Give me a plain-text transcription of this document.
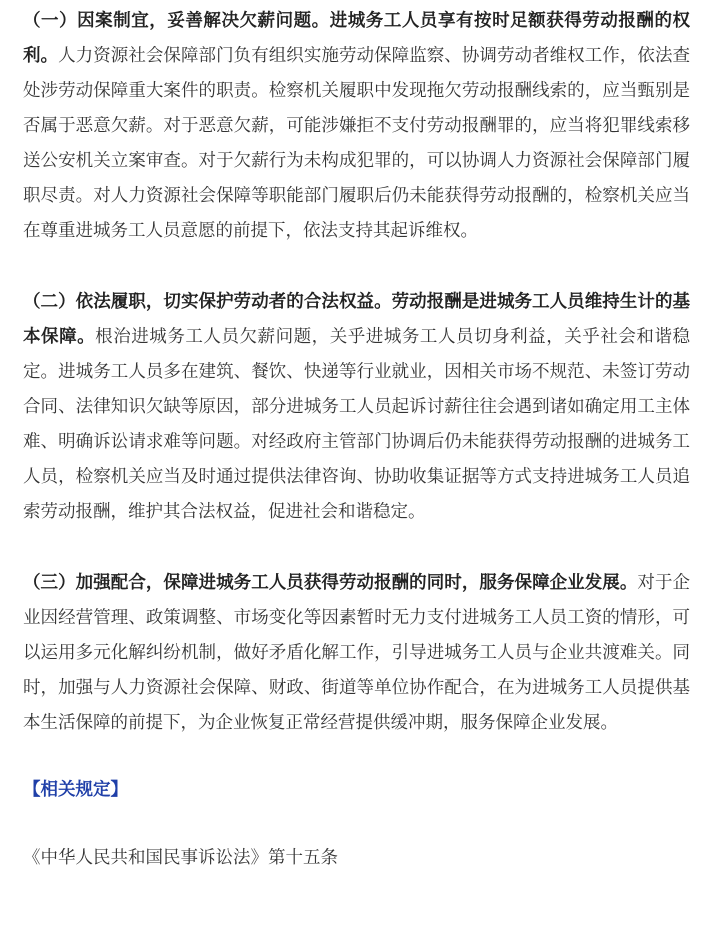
（一）因案制宜，妥善解决欠薪问题。进城务工人员享有按时足额获得劳动报酬的权利。人力资源社会保障部门负有组织实施劳动保障监察、协调劳动者维权工作，依法查处涉劳动保障重大案件的职责。检察机关履职中发现拖欠劳动报酬线索的，应当甄别是否属于恶意欠薪。对于恶意欠薪，可能涉嫌拒不支付劳动报酬罪的，应当将犯罪线索移送公安机关立案审查。对于欠薪行为未构成犯罪的，可以协调人力资源社会保障部门履职尽责。对人力资源社会保障等职能部门履职后仍未能获得劳动报酬的，检察机关应当在尊重进城务工人员意愿的前提下，依法支持其起诉维权。

（二）依法履职，切实保护劳动者的合法权益。劳动报酬是进城务工人员维持生计的基本保障。根治进城务工人员欠薪问题，关乎进城务工人员切身利益，关乎社会和谐稳定。进城务工人员多在建筑、餐饮、快递等行业就业，因相关市场不规范、未签订劳动合同、法律知识欠缺等原因，部分进城务工人员起诉讨薪往往会遇到诸如确定用工主体难、明确诉讼请求难等问题。对经政府主管部门协调后仍未能获得劳动报酬的进城务工人员，检察机关应当及时通过提供法律咨询、协助收集证据等方式支持进城务工人员追索劳动报酬，维护其合法权益，促进社会和谐稳定。

（三）加强配合，保障进城务工人员获得劳动报酬的同时，服务保障企业发展。对于企业因经营管理、政策调整、市场变化等因素暂时无力支付进城务工人员工资的情形，可以运用多元化解纠纷机制，做好矛盾化解工作，引导进城务工人员与企业共渡难关。同时，加强与人力资源社会保障、财政、街道等单位协作配合，在为进城务工人员提供基本生活保障的前提下，为企业恢复正常经营提供缓冲期，服务保障企业发展。

【相关规定】
《中华人民共和国民事诉讼法》第十五条
